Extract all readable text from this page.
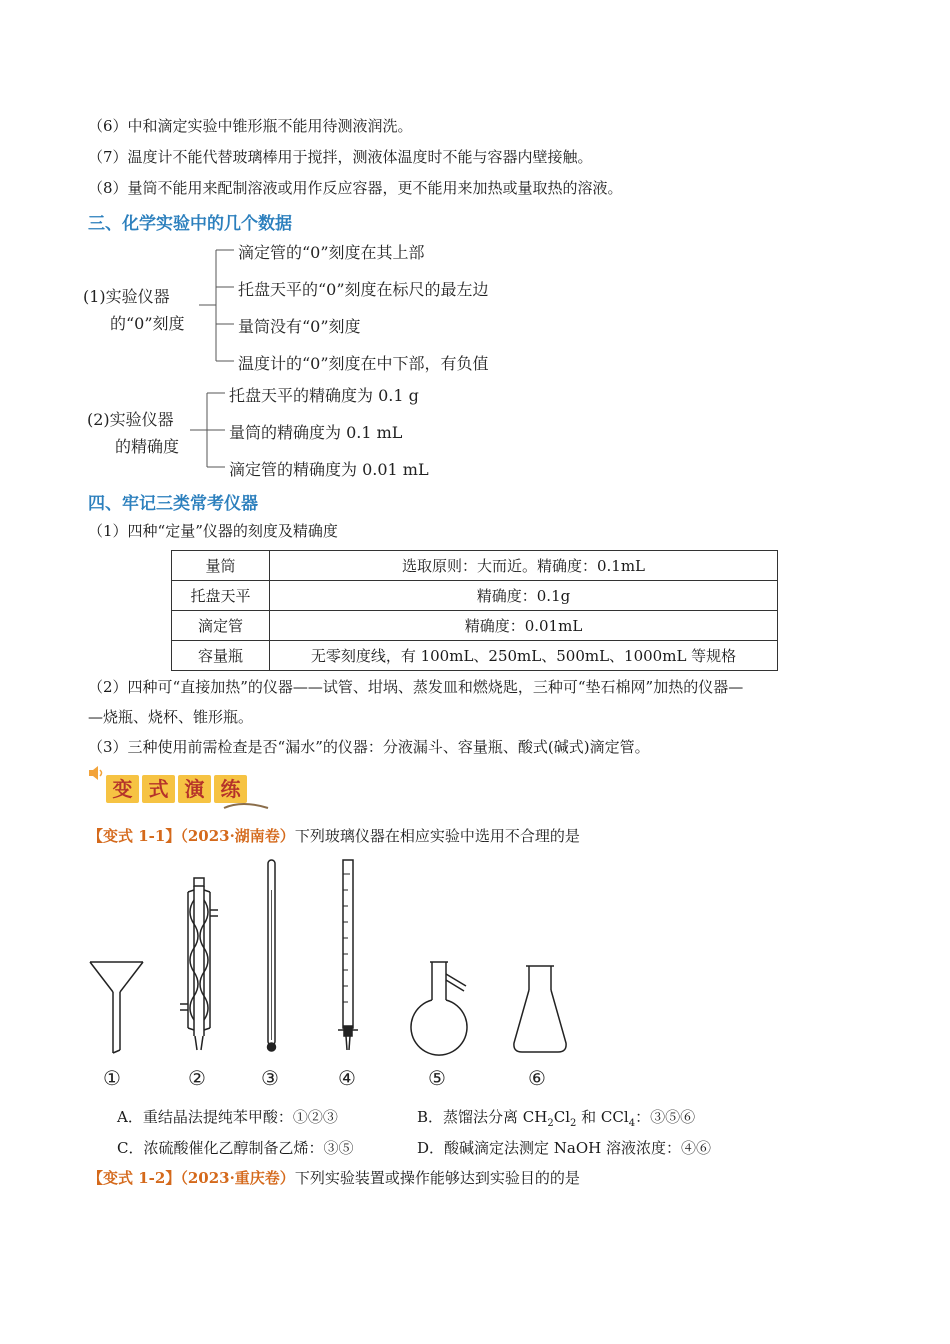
（6）中和滴定实验中锥形瓶不能用待测液润洗。
（7）温度计不能代替玻璃棒用于搅拌，测液体温度时不能与容器内壁接触。
（8）量筒不能用来配制溶液或用作反应容器，更不能用来加热或量取热的溶液。
三、化学实验中的几个数据
(1)实验仪器
的“0”刻度
滴定管的“0”刻度在其上部
托盘天平的“0”刻度在标尺的最左边
量筒没有“0”刻度
温度计的“0”刻度在中下部，有负值
(2)实验仪器
的精确度
托盘天平的精确度为 0.1 g
量筒的精确度为 0.1 mL
滴定管的精确度为 0.01 mL
四、牢记三类常考仪器
（1）四种“定量”仪器的刻度及精确度
量筒	选取原则：大而近。精确度：0.1mL
托盘天平	精确度：0.1g
滴定管	精确度：0.01mL
容量瓶	无零刻度线，有 100mL、250mL、500mL、1000mL 等规格
（2）四种可“直接加热”的仪器——试管、坩埚、蒸发皿和燃烧匙，三种可“垫石棉网”加热的仪器—
—烧瓶、烧杯、锥形瓶。
（3）三种使用前需检查是否“漏水”的仪器：分液漏斗、容量瓶、酸式(碱式)滴定管。
变 式 演 练
【变式 1-1】（2023·湖南卷）下列玻璃仪器在相应实验中选用不合理的是
①	②	③	④	⑤	⑥
A．重结晶法提纯苯甲酸：①②③	B．蒸馏法分离 $CH_2Cl_2$ 和 CCl$_4$：③⑤⑥
C．浓硫酸催化乙醇制备乙烯：③⑤	D．酸碱滴定法测定 NaOH 溶液浓度：④⑥
【变式 1-2】（2023·重庆卷）下列实验装置或操作能够达到实验目的的是
